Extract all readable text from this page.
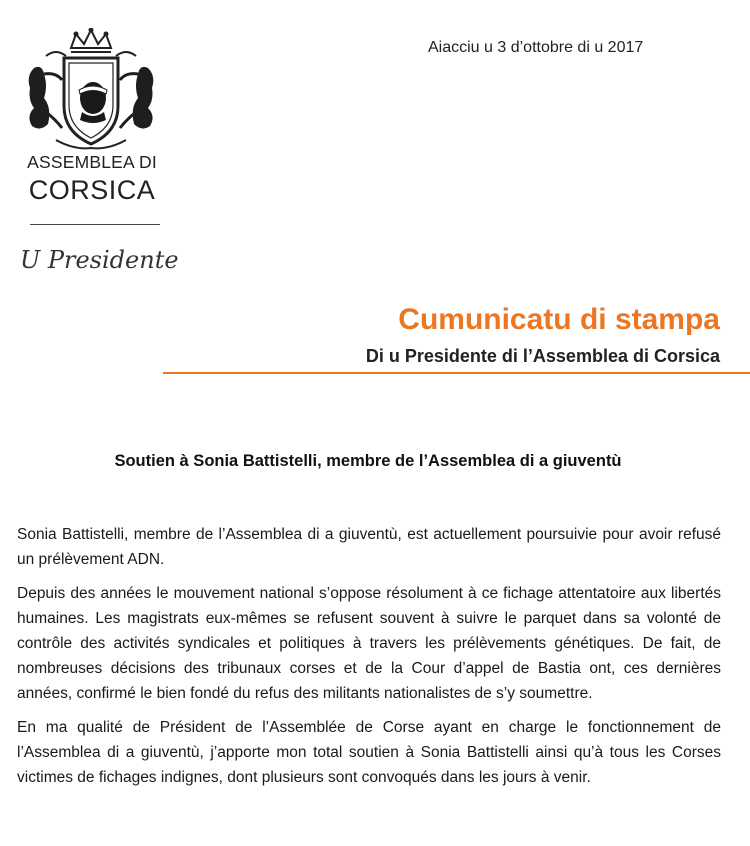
ASSEMBLEA DI
CORSICA
U Presidente
Aiacciu u 3 d’ottobre di u 2017
Cumunicatu di stampa
Di u Presidente di l’Assemblea di Corsica
Soutien à Sonia Battistelli, membre de l’Assemblea di a giuventù

Sonia Battistelli, membre de l’Assemblea di a giuventù, est actuellement poursuivie pour avoir refusé un prélèvement ADN.

Depuis des années le mouvement national s’oppose résolument à ce fichage attentatoire aux libertés humaines. Les magistrats eux-mêmes se refusent souvent à suivre le parquet dans sa volonté de contrôle des activités syndicales et politiques à travers les prélèvements génétiques. De fait, de nombreuses décisions des tribunaux corses et de la Cour d’appel de Bastia ont, ces dernières années, confirmé le bien fondé du refus des militants nationalistes de s’y soumettre.

En ma qualité de Président de l’Assemblée de Corse ayant en charge le fonctionnement de l’Assemblea di a giuventù, j’apporte mon total soutien à Sonia Battistelli ainsi qu’à tous les Corses victimes de fichages indignes, dont plusieurs sont convoqués dans les jours à venir.
